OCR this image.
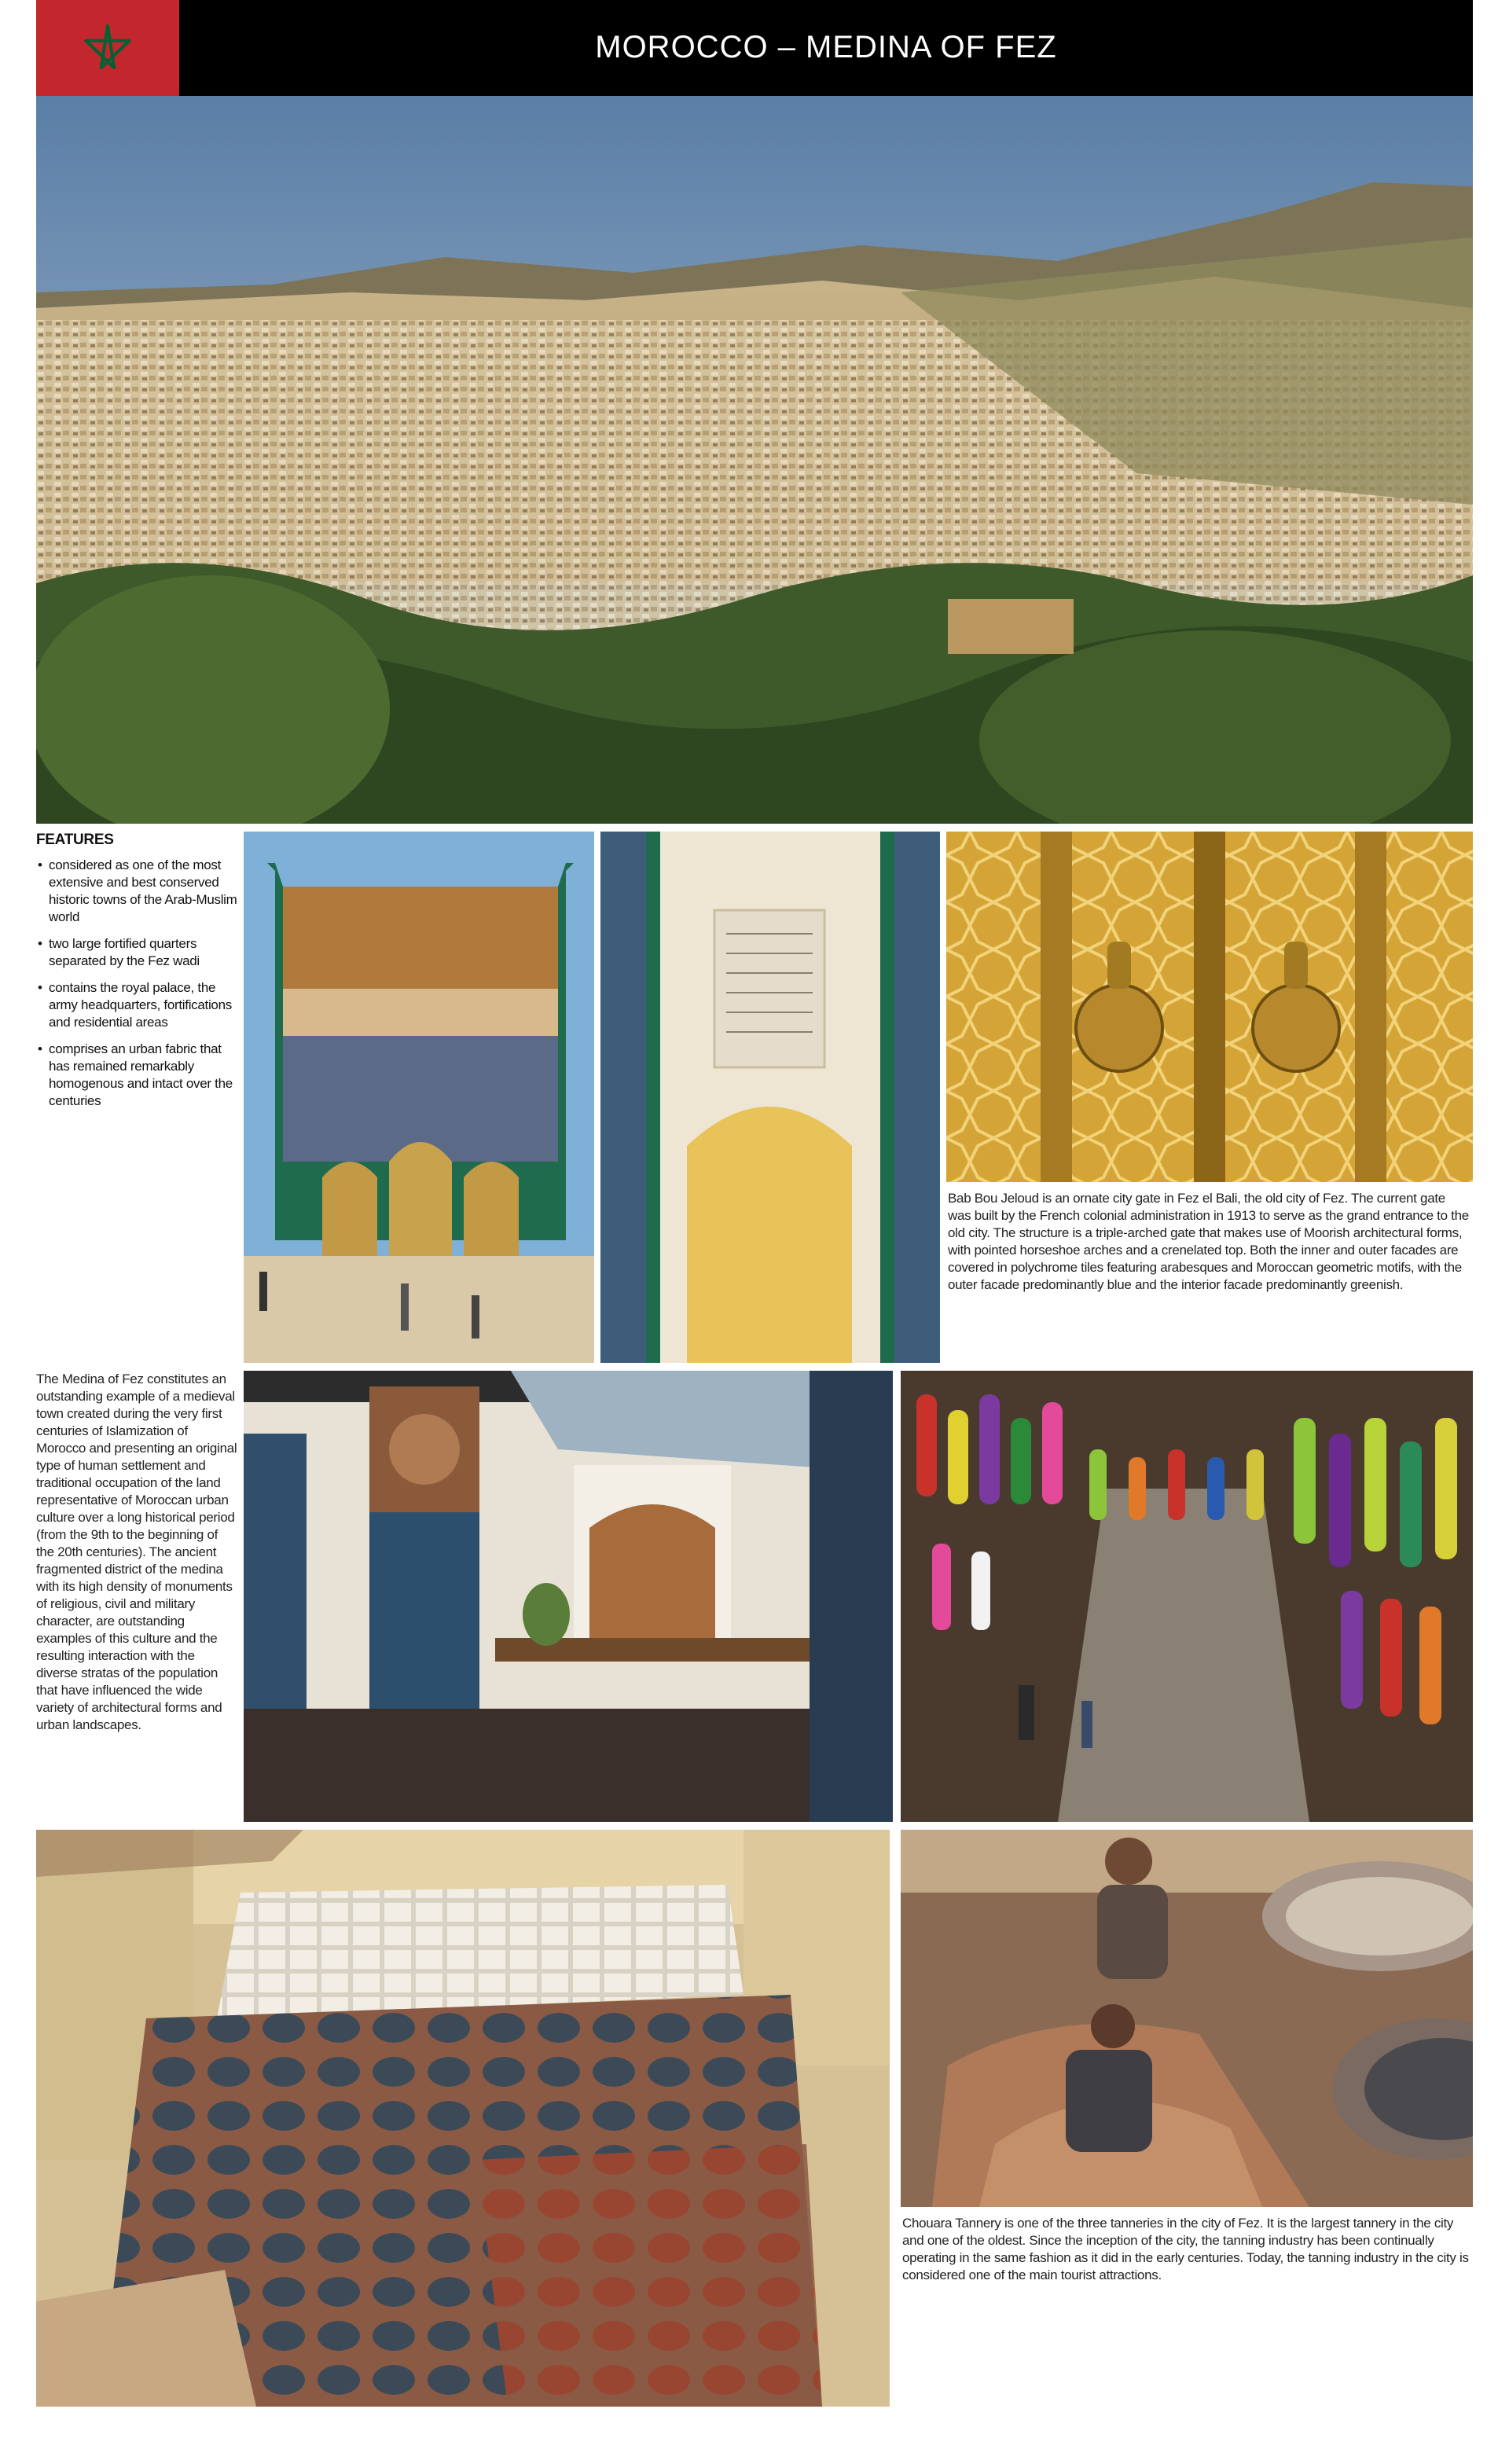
MOROCCO – MEDINA OF FEZ
FEATURES
• considered as one of the most extensive and best conserved historic towns of the Arab-Muslim world
• two large fortified quarters separated by the Fez wadi
• contains the royal palace, the army headquarters, fortifications and residential areas
• comprises an urban fabric that has remained remarkably homogenous and intact over the centuries
Bab Bou Jeloud is an ornate city gate in Fez el Bali, the old city of Fez. The current gate was built by the French colonial administration in 1913 to serve as the grand entrance to the old city. The structure is a triple-arched gate that makes use of Moorish architectural forms, with pointed horseshoe arches and a crenelated top. Both the inner and outer facades are covered in polychrome tiles featuring arabesques and Moroccan geometric motifs, with the outer facade predominantly blue and the interior facade predominantly greenish.
The Medina of Fez constitutes an outstanding example of a medieval town created during the very first centuries of Islamization of Morocco and presenting an original type of human settlement and traditional occupation of the land representative of Moroccan urban culture over a long historical period (from the 9th to the beginning of the 20th centuries). The ancient fragmented district of the medina with its high density of monuments of religious, civil and military character, are outstanding examples of this culture and the resulting interaction with the diverse stratas of the population that have influenced the wide variety of architectural forms and urban landscapes.
Chouara Tannery is one of the three tanneries in the city of Fez. It is the largest tannery in the city and one of the oldest. Since the inception of the city, the tanning industry has been continually operating in the same fashion as it did in the early centuries. Today, the tanning industry in the city is considered one of the main tourist attractions.
